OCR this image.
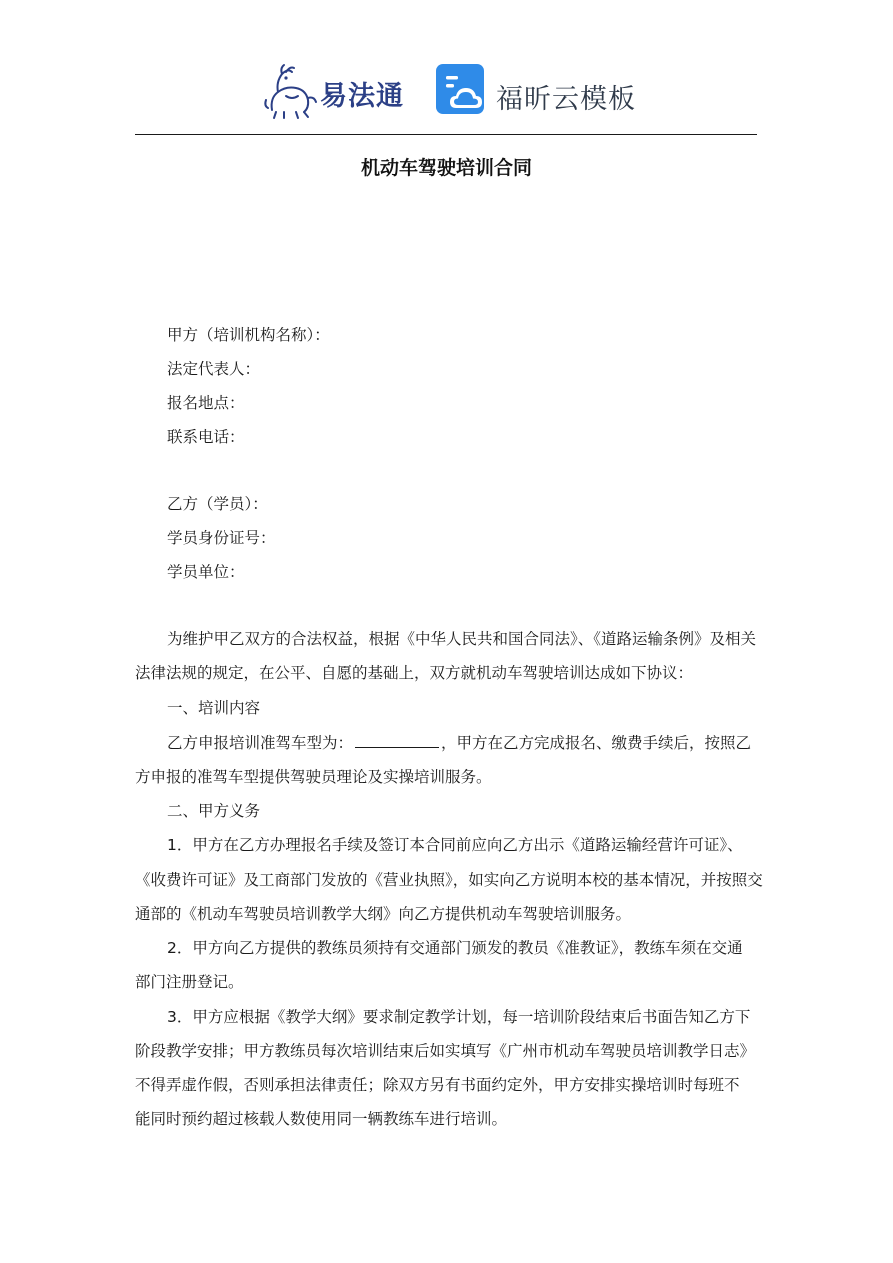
易法通	福昕云模板
机动车驾驶培训合同
甲方（培训机构名称）：
法定代表人：
报名地点：
联系电话：
乙方（学员）：
学员身份证号：
学员单位：
为维护甲乙双方的合法权益，根据《中华人民共和国合同法》、《道路运输条例》及相关
法律法规的规定，在公平、自愿的基础上，双方就机动车驾驶培训达成如下协议：
一、培训内容
乙方申报培训准驾车型为：	，甲方在乙方完成报名、缴费手续后，按照乙
方申报的准驾车型提供驾驶员理论及实操培训服务。
二、甲方义务
1．甲方在乙方办理报名手续及签订本合同前应向乙方出示《道路运输经营许可证》、
《收费许可证》及工商部门发放的《营业执照》，如实向乙方说明本校的基本情况，并按照交
通部的《机动车驾驶员培训教学大纲》向乙方提供机动车驾驶培训服务。
2．甲方向乙方提供的教练员须持有交通部门颁发的教员《准教证》，教练车须在交通
部门注册登记。
3．甲方应根据《教学大纲》要求制定教学计划，每一培训阶段结束后书面告知乙方下
阶段教学安排；甲方教练员每次培训结束后如实填写《广州市机动车驾驶员培训教学日志》
不得弄虚作假，否则承担法律责任；除双方另有书面约定外，甲方安排实操培训时每班不
能同时预约超过核载人数使用同一辆教练车进行培训。
